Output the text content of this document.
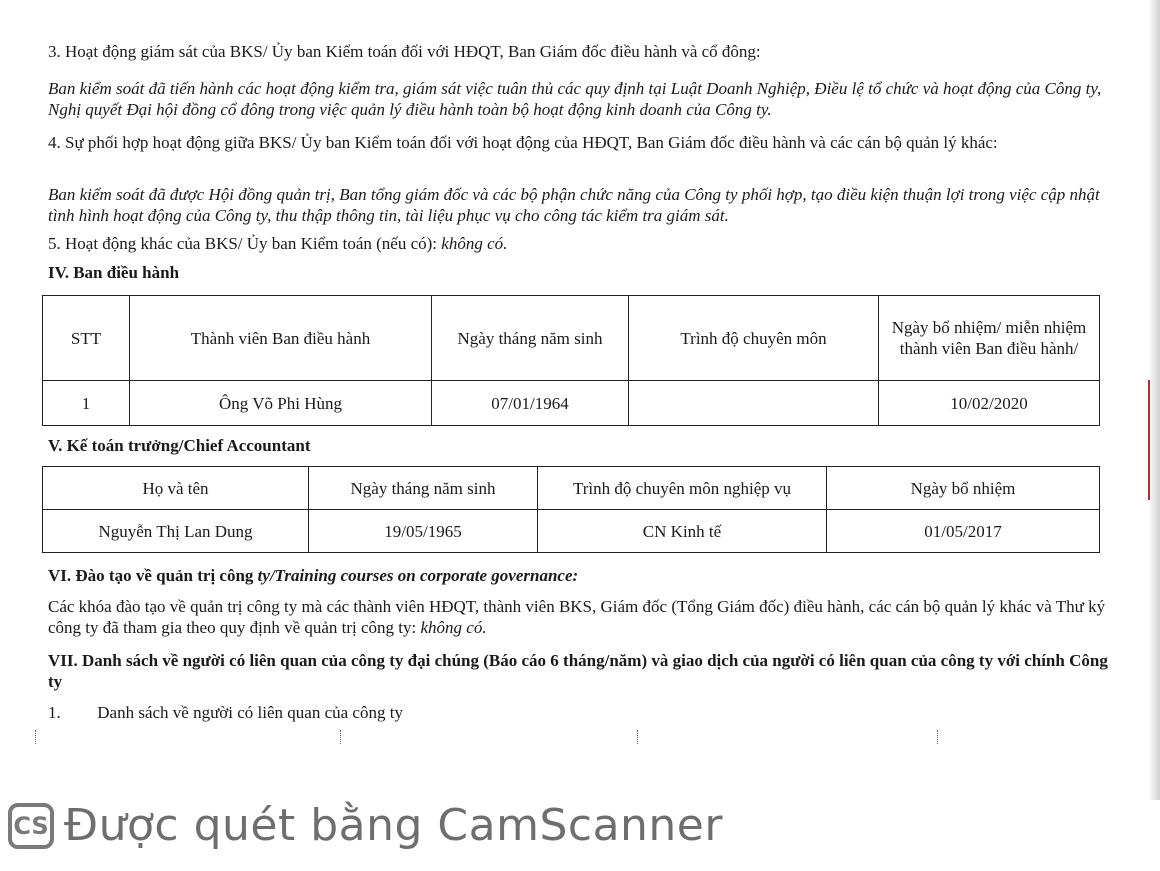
3. Hoạt động giám sát của BKS/ Ủy ban Kiểm toán đối với HĐQT, Ban Giám đốc điều hành và cổ đông:
Ban kiểm soát đã tiến hành các hoạt động kiểm tra, giám sát việc tuân thủ các quy định tại Luật Doanh Nghiệp, Điều lệ tổ chức và hoạt động của Công ty, Nghị quyết Đại hội đồng cổ đông trong việc quản lý điều hành toàn bộ hoạt động kinh doanh của Công ty.
4. Sự phối hợp hoạt động giữa BKS/ Ủy ban Kiểm toán đối với hoạt động của HĐQT, Ban Giám đốc điều hành và các cán bộ quản lý khác:
Ban kiểm soát đã được Hội đồng quản trị, Ban tổng giám đốc và các bộ phận chức năng của Công ty phối hợp, tạo điều kiện thuận lợi trong việc cập nhật tình hình hoạt động của Công ty, thu thập thông tin, tài liệu phục vụ cho công tác kiểm tra giám sát.
5. Hoạt động khác của BKS/ Ủy ban Kiểm toán (nếu có): không có.
IV. Ban điều hành
STT	Thành viên Ban điều hành	Ngày tháng năm sinh	Trình độ chuyên môn	Ngày bổ nhiệm/ miễn nhiệm thành viên Ban điều hành/
1	Ông Võ Phi Hùng	07/01/1964		10/02/2020
V. Kế toán trưởng/Chief Accountant
Họ và tên	Ngày tháng năm sinh	Trình độ chuyên môn nghiệp vụ	Ngày bổ nhiệm
Nguyễn Thị Lan Dung	19/05/1965	CN Kinh tế	01/05/2017
VI. Đào tạo về quản trị công ty/Training courses on corporate governance:
Các khóa đào tạo về quản trị công ty mà các thành viên HĐQT, thành viên BKS, Giám đốc (Tổng Giám đốc) điều hành, các cán bộ quản lý khác và Thư ký công ty đã tham gia theo quy định về quản trị công ty: không có.
VII. Danh sách về người có liên quan của công ty đại chúng (Báo cáo 6 tháng/năm) và giao dịch của người có liên quan của công ty với chính Công ty
1. Danh sách về người có liên quan của công ty
CS Được quét bằng CamScanner
